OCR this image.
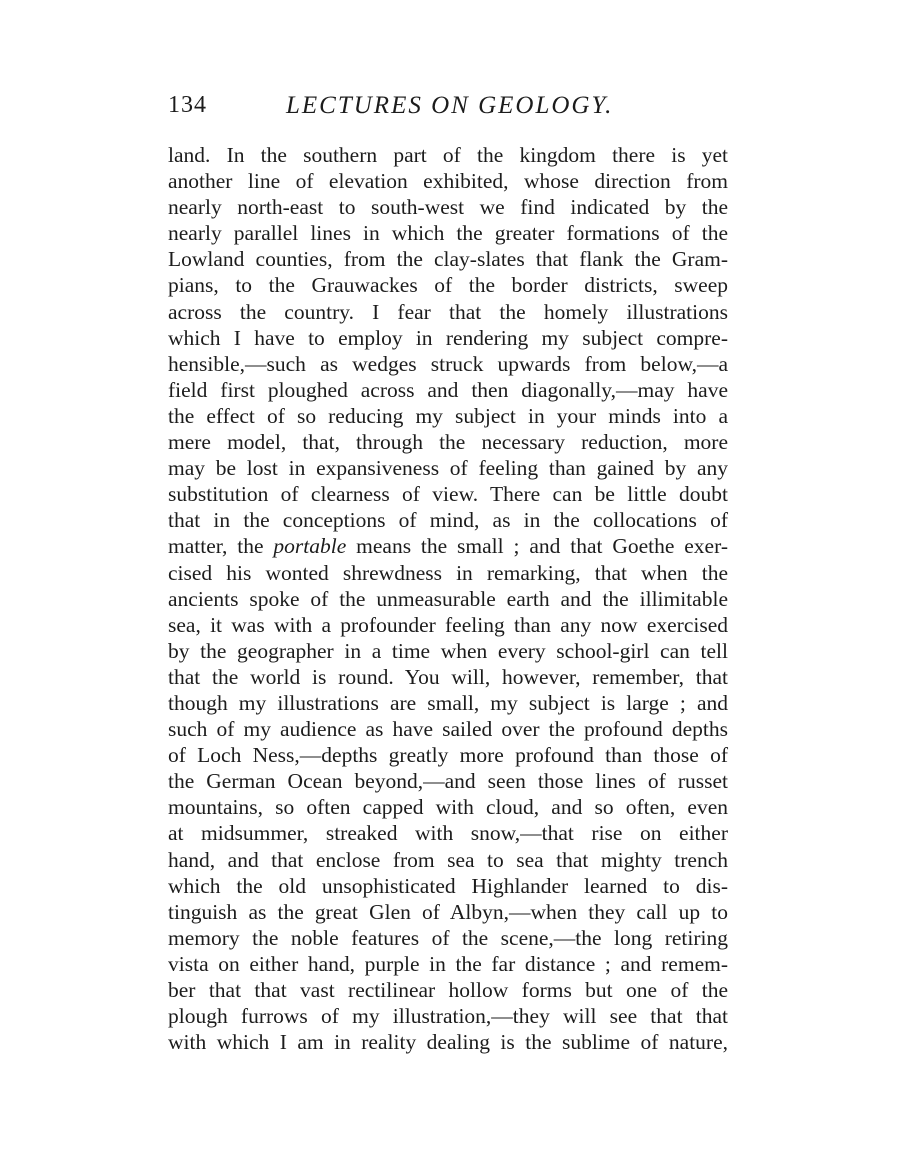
134	LECTURES ON GEOLOGY.
land. In the southern part of the kingdom there is yet
another line of elevation exhibited, whose direction from
nearly north-east to south-west we find indicated by the
nearly parallel lines in which the greater formations of the
Lowland counties, from the clay-slates that flank the Gram-
pians, to the Grauwackes of the border districts, sweep
across the country. I fear that the homely illustrations
which I have to employ in rendering my subject compre-
hensible,—such as wedges struck upwards from below,—a
field first ploughed across and then diagonally,—may have
the effect of so reducing my subject in your minds into a
mere model, that, through the necessary reduction, more
may be lost in expansiveness of feeling than gained by any
substitution of clearness of view. There can be little doubt
that in the conceptions of mind, as in the collocations of
matter, the portable means the small ; and that Goethe exer-
cised his wonted shrewdness in remarking, that when the
ancients spoke of the unmeasurable earth and the illimitable
sea, it was with a profounder feeling than any now exercised
by the geographer in a time when every school-girl can tell
that the world is round. You will, however, remember, that
though my illustrations are small, my subject is large ; and
such of my audience as have sailed over the profound depths
of Loch Ness,—depths greatly more profound than those of
the German Ocean beyond,—and seen those lines of russet
mountains, so often capped with cloud, and so often, even
at midsummer, streaked with snow,—that rise on either
hand, and that enclose from sea to sea that mighty trench
which the old unsophisticated Highlander learned to dis-
tinguish as the great Glen of Albyn,—when they call up to
memory the noble features of the scene,—the long retiring
vista on either hand, purple in the far distance ; and remem-
ber that that vast rectilinear hollow forms but one of the
plough furrows of my illustration,—they will see that that
with which I am in reality dealing is the sublime of nature,
